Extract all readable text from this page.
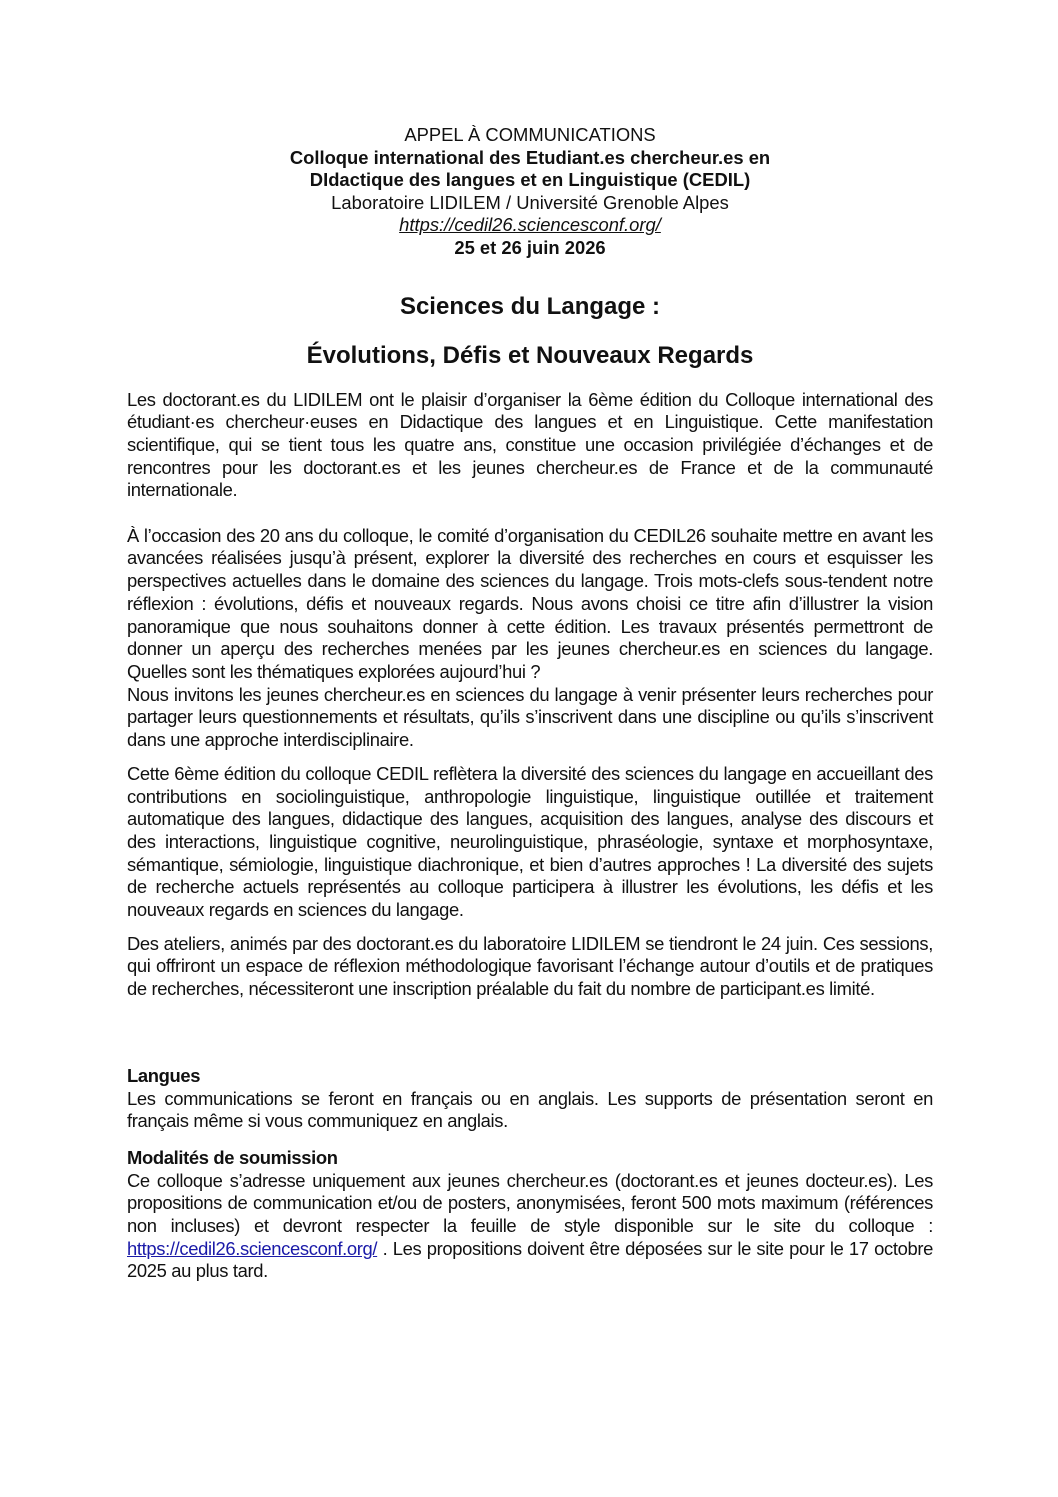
APPEL À COMMUNICATIONS
Colloque international des Etudiant.es chercheur.es en
DIdactique des langues et en Linguistique (CEDIL)
Laboratoire LIDILEM / Université Grenoble Alpes
https://cedil26.sciencesconf.org/
25 et 26 juin 2026
Sciences du Langage :
Évolutions, Défis et Nouveaux Regards

Les doctorant.es du LIDILEM ont le plaisir d’organiser la 6ème édition du Colloque international des étudiant·es chercheur·euses en Didactique des langues et en Linguistique. Cette manifestation scientifique, qui se tient tous les quatre ans, constitue une occasion privilégiée d’échanges et de rencontres pour les doctorant.es et les jeunes chercheur.es de France et de la communauté internationale.

À l’occasion des 20 ans du colloque, le comité d’organisation du CEDIL26 souhaite mettre en avant les avancées réalisées jusqu’à présent, explorer la diversité des recherches en cours et esquisser les perspectives actuelles dans le domaine des sciences du langage. Trois mots-clefs sous-tendent notre réflexion : évolutions, défis et nouveaux regards. Nous avons choisi ce titre afin d’illustrer la vision panoramique que nous souhaitons donner à cette édition. Les travaux présentés permettront de donner un aperçu des recherches menées par les jeunes chercheur.es en sciences du langage. Quelles sont les thématiques explorées aujourd’hui ?

Nous invitons les jeunes chercheur.es en sciences du langage à venir présenter leurs recherches pour partager leurs questionnements et résultats, qu’ils s’inscrivent dans une discipline ou qu’ils s’inscrivent dans une approche interdisciplinaire.

Cette 6ème édition du colloque CEDIL reflètera la diversité des sciences du langage en accueillant des contributions en sociolinguistique, anthropologie linguistique, linguistique outillée et traitement automatique des langues, didactique des langues, acquisition des langues, analyse des discours et des interactions, linguistique cognitive, neurolinguistique, phraséologie, syntaxe et morphosyntaxe, sémantique, sémiologie, linguistique diachronique, et bien d’autres approches ! La diversité des sujets de recherche actuels représentés au colloque participera à illustrer les évolutions, les défis et les nouveaux regards en sciences du langage.

Des ateliers, animés par des doctorant.es du laboratoire LIDILEM se tiendront le 24 juin. Ces sessions, qui offriront un espace de réflexion méthodologique favorisant l’échange autour d’outils et de pratiques de recherches, nécessiteront une inscription préalable du fait du nombre de participant.es limité.

Langues

Les communications se feront en français ou en anglais. Les supports de présentation seront en français même si vous communiquez en anglais.

Modalités de soumission

Ce colloque s’adresse uniquement aux jeunes chercheur.es (doctorant.es et jeunes docteur.es). Les propositions de communication et/ou de posters, anonymisées, feront 500 mots maximum (références non incluses) et devront respecter la feuille de style disponible sur le site du colloque : https://cedil26.sciencesconf.org/ . Les propositions doivent être déposées sur le site pour le 17 octobre 2025 au plus tard.
